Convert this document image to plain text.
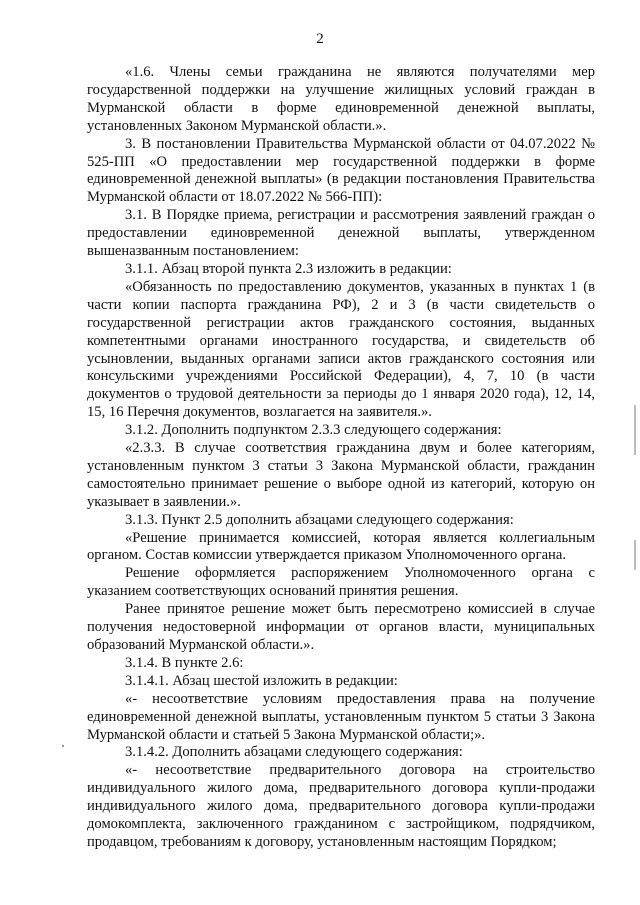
2

«1.6. Члены семьи гражданина не являются получателями мер государственной поддержки на улучшение жилищных условий граждан в Мурманской области в форме единовременной денежной выплаты, установленных Законом Мурманской области.».

3. В постановлении Правительства Мурманской области от 04.07.2022 № 525-ПП «О предоставлении мер государственной поддержки в форме единовременной денежной выплаты» (в редакции постановления Правительства Мурманской области от 18.07.2022 № 566-ПП):

3.1. В Порядке приема, регистрации и рассмотрения заявлений граждан о предоставлении единовременной денежной выплаты, утвержденном вышеназванным постановлением:

3.1.1. Абзац второй пункта 2.3 изложить в редакции:

«Обязанность по предоставлению документов, указанных в пунктах 1 (в части копии паспорта гражданина РФ), 2 и 3 (в части свидетельств о государственной регистрации актов гражданского состояния, выданных компетентными органами иностранного государства, и свидетельств об усыновлении, выданных органами записи актов гражданского состояния или консульскими учреждениями Российской Федерации), 4, 7, 10 (в части документов о трудовой деятельности за периоды до 1 января 2020 года), 12, 14, 15, 16 Перечня документов, возлагается на заявителя.».

3.1.2. Дополнить подпунктом 2.3.3 следующего содержания:

«2.3.3. В случае соответствия гражданина двум и более категориям, установленным пунктом 3 статьи 3 Закона Мурманской области, гражданин самостоятельно принимает решение о выборе одной из категорий, которую он указывает в заявлении.».

3.1.3. Пункт 2.5 дополнить абзацами следующего содержания:

«Решение принимается комиссией, которая является коллегиальным органом. Состав комиссии утверждается приказом Уполномоченного органа.

Решение оформляется распоряжением Уполномоченного органа с указанием соответствующих оснований принятия решения.

Ранее принятое решение может быть пересмотрено комиссией в случае получения недостоверной информации от органов власти, муниципальных образований Мурманской области.».

3.1.4. В пункте 2.6:

3.1.4.1. Абзац шестой изложить в редакции:

«- несоответствие условиям предоставления права на получение единовременной денежной выплаты, установленным пунктом 5 статьи 3 Закона Мурманской области и статьей 5 Закона Мурманской области;».

3.1.4.2. Дополнить абзацами следующего содержания:

«- несоответствие предварительного договора на строительство индивидуального жилого дома, предварительного договора купли-продажи индивидуального жилого дома, предварительного договора купли-продажи домокомплекта, заключенного гражданином с застройщиком, подрядчиком, продавцом, требованиям к договору, установленным настоящим Порядком;
